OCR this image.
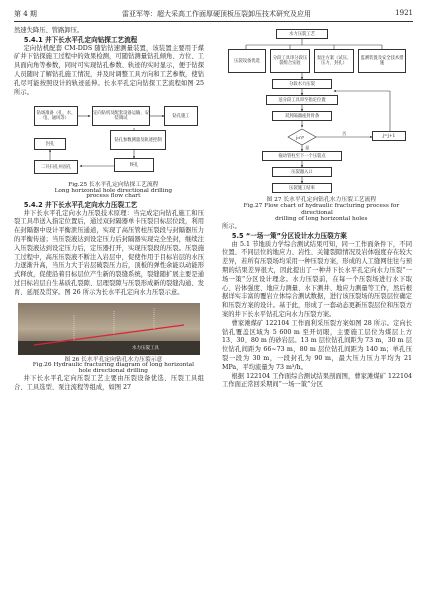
第 4 期	雷亚军等：超大采高工作面厚硬顶板压裂卸压技术研究及应用	1921

然速失降压、管路卸压。

5.4.1 井下长水平孔定向钻探工艺流程

定向钻机配套 CM-DDS 随钻钻速测量装置，该装置主要用于煤矿井下钻探施工过程中的效果检测，可随钻测量钻孔倾角、方位、工具面向角等参数，同时可实现钻孔参数、轨迹的实时显示，便于钻探人员随时了解钻孔施工情况，并及时调整工具方向和工艺参数，使钻孔尽可能按照设计的轨迹延伸。长水平孔定向钻探工艺流程如图 25 所示。

钻场准备（孔、水、电、通风等）
定向钻机及配套设备运输、安装调试	钻孔施工
钻孔参数测量及轨迹控制
终孔
二开扫孔并固孔
封孔

Fig.25 长水平孔定向钻探工艺流程

Long horizontal hole directional drilling

process flow chart

5.4.2 井下长水平孔定向水力压裂工艺

井下长水平孔定向水力压裂技术原理：当完成定向钻孔施工和压裂工具串送入指定位置后，通过双封隔器单卡压裂目标层位段，利用在封隔器中设计平衡泄压通道，实现了高压管柱压裂段与封隔器压力的平衡传递；当压裂液达到设定压力后封隔器实现完全坐封，继续注入压裂液达到设定压力后，定压器打开，实现压裂段的压裂。压裂施工过程中，高压压裂液不断注入岩层中，促使作用于目标岩层的水压力逐渐升高，当压力大于岩层破裂压力后，顶板的弹性余能以动能形式释放，促使沿着目标层位产生新的裂缝系统，裂缝随扩展主要是通过目标岩层自生基质孔裂隙、层理裂隙与压裂形成新的裂缝沟通、发育、延展及贯穿。图 26 所示为长水平孔定向水力压裂示意。

水力压裂工具

图 26 长水平孔定向钻孔水力压裂示意

Fig.26 Hydraulic fracturing diagram of long horizontal

hole directional drilling

井下长水平孔定向压裂工艺主要由压裂设备优选、压裂工具组合、工具选型、泵注流程等组成，如图 27

j=n?
否
是
水力压裂工艺
压裂设备优选	分段工具串分段压裂组合实验
泵注方案（试压、压力、封孔）
监测装置及安全技术措施
分段水力压裂
送分段工具串至指定位置
双封隔器座封骨条
j=j+1
拖动管柱至下一个压裂点
压裂器入口
压裂施工结束

图 27 长水平孔定向钻孔水力压裂工艺流程

Fig.27 Flow chart of hydraulic fracturing process for directional

drilling of long horizontal holes

所示。

5.5 “一场一策”分区设计水力压裂方案

由 5.1 节地质力学综合测试结果可知，同一工作面条件下，不同位置、不同层位的地应力、岩性、关键裂隙情况及岩体强度存在较大差异，若所有压裂场均采用一种压裂方案，形成的人工缝网往往与预期的结果差异很大，因此提出了一种井下长水平孔定向水力压裂“一场一策”分区设计理念。水力压裂前，在每一个压裂场进行水下取心、岩体强度、地应力测量、水下测井、地应力测量等工作，然后根据详实丰富的覆岩立体综合测试数据，进行该压裂场的压裂层位确定和压裂方案的设计。基于此，形成了一套动态更新压裂层位和压裂方案的井下长水平钻孔定向水力压裂方案。

曹家滩煤矿 122104 工作面利采压裂方案如图 28 所示。定向长钻孔覆盖区域为 5 600 m 至开切眼，主要施工层位为煤层上方 13、30、80 m 的砂岩层。13 m 层位钻孔间距为 73 m，30 m 层位钻孔间距为 66~73 m，80 m 层位钻孔间距为 140 m；单孔压裂一段为 30 m，一段封孔为 90 m，最大压力压力平均为 21 MPa，平均流量为 73 m³/h。

根据 122104 工作面综合测试结果剖面图，曹家滩煤矿 122104 工作面正常回采期间“一场一策”分区
